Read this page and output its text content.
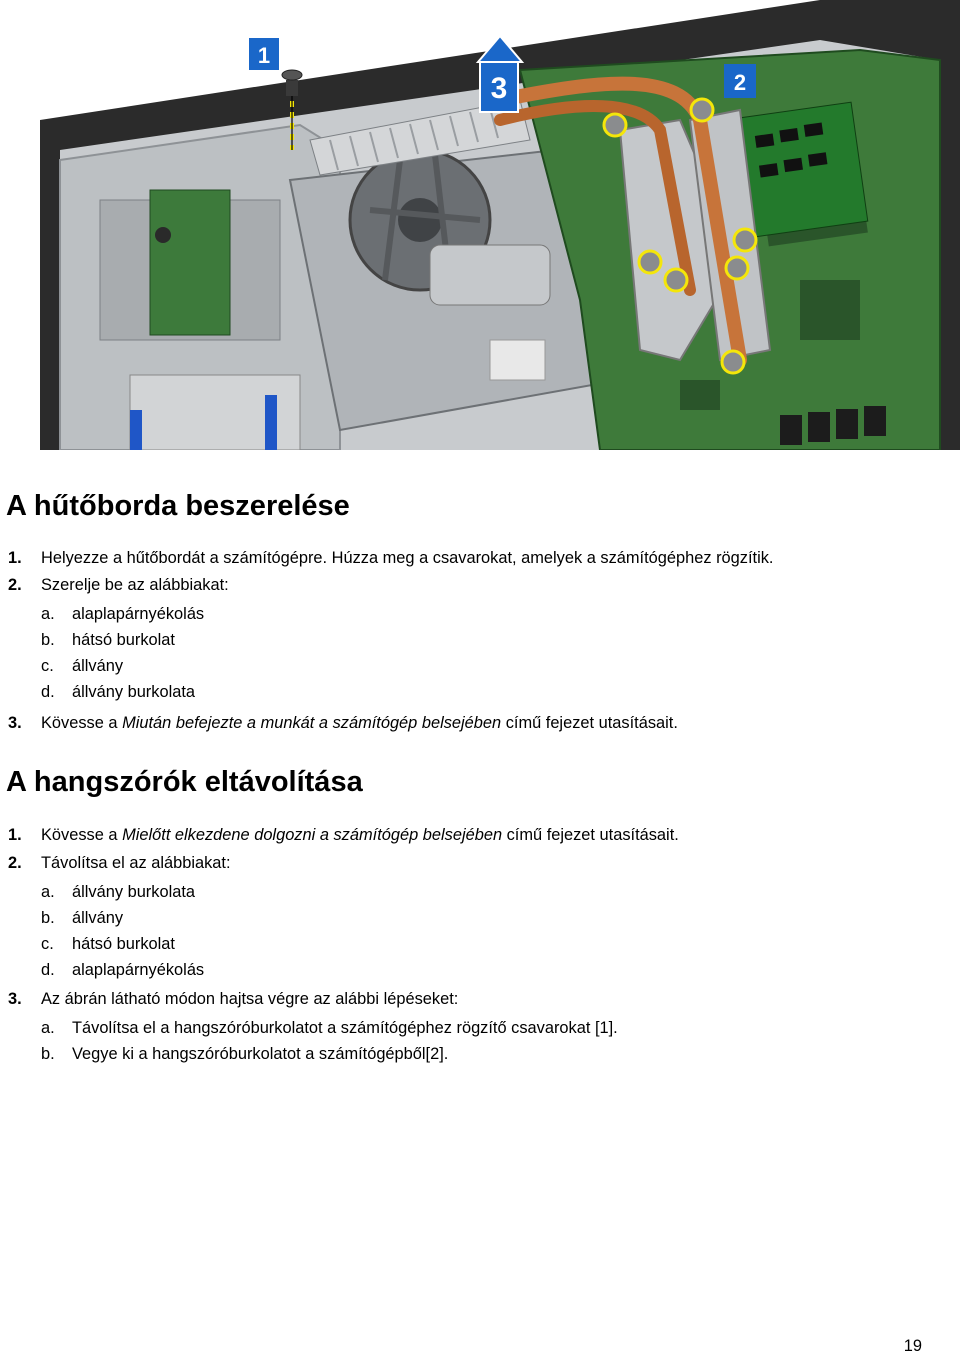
1
2
3
A hűtőborda beszerelése
1. Helyezze a hűtőbordát a számítógépre. Húzza meg a csavarokat, amelyek a számítógéphez rögzítik.
2. Szerelje be az alábbiakat:
a. alaplapárnyékolás
b. hátsó burkolat
c. állvány
d. állvány burkolata
3. Kövesse a Miután befejezte a munkát a számítógép belsejében című fejezet utasításait.
A hangszórók eltávolítása
1. Kövesse a Mielőtt elkezdene dolgozni a számítógép belsejében című fejezet utasításait.
2. Távolítsa el az alábbiakat:
a. állvány burkolata
b. állvány
c. hátsó burkolat
d. alaplapárnyékolás
3. Az ábrán látható módon hajtsa végre az alábbi lépéseket:
a. Távolítsa el a hangszóróburkolatot a számítógéphez rögzítő csavarokat [1].
b. Vegye ki a hangszóróburkolatot a számítógépből[2].
19
